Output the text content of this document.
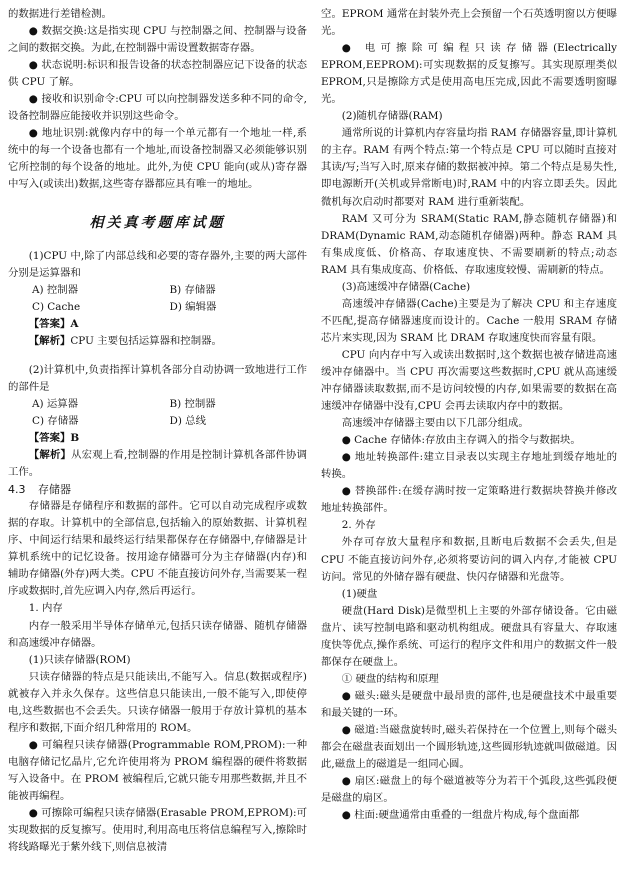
的数据进行差错检测。

● 数据交换:这是指实现 CPU 与控制器之间、控制器与设备之间的数据交换。为此,在控制器中需设置数据寄存器。

● 状态说明:标识和报告设备的状态控制器应记下设备的状态供 CPU 了解。

● 接收和识别命令:CPU 可以向控制器发送多种不同的命令,设备控制器应能接收并识别这些命令。

● 地址识别:就像内存中的每一个单元都有一个地址一样,系统中的每一个设备也都有一个地址,而设备控制器又必须能够识别它所控制的每个设备的地址。此外,为使 CPU 能向(或从)寄存器中写入(或读出)数据,这些寄存器都应具有唯一的地址。

相关真考题库试题

(1)CPU 中,除了内部总线和必要的寄存器外,主要的两大部件分别是运算器和

A) 控制器	B) 存储器
C) Cache	D) 编辑器

【答案】A

【解析】CPU 主要包括运算器和控制器。

(2)计算机中,负责指挥计算机各部分自动协调一致地进行工作的部件是

A) 运算器	B) 控制器
C) 存储器	D) 总线

【答案】B

【解析】从宏观上看,控制器的作用是控制计算机各部件协调工作。

4.3 存储器

存储器是存储程序和数据的部件。它可以自动完成程序或数据的存取。计算机中的全部信息,包括输入的原始数据、计算机程序、中间运行结果和最终运行结果都保存在存储器中,存储器是计算机系统中的记忆设备。按用途存储器可分为主存储器(内存)和辅助存储器(外存)两大类。CPU 不能直接访问外存,当需要某一程序或数据时,首先应调入内存,然后再运行。

1. 内存

内存一般采用半导体存储单元,包括只读存储器、随机存储器和高速缓冲存储器。

(1)只读存储器(ROM)

只读存储器的特点是只能读出,不能写入。信息(数据或程序)就被存入并永久保存。这些信息只能读出,一般不能写入,即使停电,这些数据也不会丢失。只读存储器一般用于存放计算机的基本程序和数据,下面介绍几种常用的 ROM。

● 可编程只读存储器(Programmable ROM,PROM):一种电脑存储记忆晶片,它允许使用将为 PROM 编程器的硬件将数据写入设备中。在 PROM 被编程后,它就只能专用那些数据,并且不能被再编程。

● 可擦除可编程只读存储器(Erasable PROM,EPROM):可实现数据的反复擦写。使用时,利用高电压将信息编程写入,擦除时将线路曝光于紫外线下,则信息被清

空。EPROM 通常在封装外壳上会预留一个石英透明窗以方便曝光。

● 电可擦除可编程只读存储器(Electrically EPROM,EEPROM):可实现数据的反复擦写。其实现原理类似 EPROM,只是擦除方式是使用高电压完成,因此不需要透明窗曝光。

(2)随机存储器(RAM)

通常所说的计算机内存容量均指 RAM 存储器容量,即计算机的主存。RAM 有两个特点:第一个特点是 CPU 可以随时直接对其读/写;当写入时,原来存储的数据被冲掉。第二个特点是易失性,即电源断开(关机或异常断电)时,RAM 中的内容立即丢失。因此微机每次启动时都要对 RAM 进行重新装配。

RAM 又可分为 SRAM(Static RAM,静态随机存储器)和 DRAM(Dynamic RAM,动态随机存储器)两种。静态 RAM 具有集成度低、价格高、存取速度快、不需要刷新的特点;动态 RAM 具有集成度高、价格低、存取速度较慢、需刷新的特点。

(3)高速缓冲存储器(Cache)

高速缓冲存储器(Cache)主要是为了解决 CPU 和主存速度不匹配,提高存储器速度而设计的。Cache 一般用 SRAM 存储芯片来实现,因为 SRAM 比 DRAM 存取速度快而容量有限。

CPU 向内存中写入或读出数据时,这个数据也被存储进高速缓冲存储器中。当 CPU 再次需要这些数据时,CPU 就从高速缓冲存储器读取数据,而不是访问较慢的内存,如果需要的数据在高速缓冲存储器中没有,CPU 会再去读取内存中的数据。

高速缓冲存储器主要由以下几部分组成。

● Cache 存储体:存放由主存调入的指令与数据块。

● 地址转换部件:建立目录表以实现主存地址到缓存地址的转换。

● 替换部件:在缓存满时按一定策略进行数据块替换并修改地址转换部件。

2. 外存

外存可存放大量程序和数据,且断电后数据不会丢失,但是 CPU 不能直接访问外存,必须将要访问的调入内存,才能被 CPU 访问。常见的外储存器有硬盘、快闪存储器和光盘等。

(1)硬盘

硬盘(Hard Disk)是微型机上主要的外部存储设备。它由磁盘片、读写控制电路和驱动机构组成。硬盘具有容量大、存取速度快等优点,操作系统、可运行的程序文件和用户的数据文件一般都保存在硬盘上。

① 硬盘的结构和原理

● 磁头:磁头是硬盘中最昂贵的部件,也是硬盘技术中最重要和最关键的一环。

● 磁道:当磁盘旋转时,磁头若保持在一个位置上,则每个磁头都会在磁盘表面划出一个圆形轨迹,这些圆形轨迹就叫做磁道。因此,磁盘上的磁道是一组同心圆。

● 扇区:磁盘上的每个磁道被等分为若干个弧段,这些弧段便是磁盘的扇区。

● 柱面:硬盘通常由重叠的一组盘片构成,每个盘面都
